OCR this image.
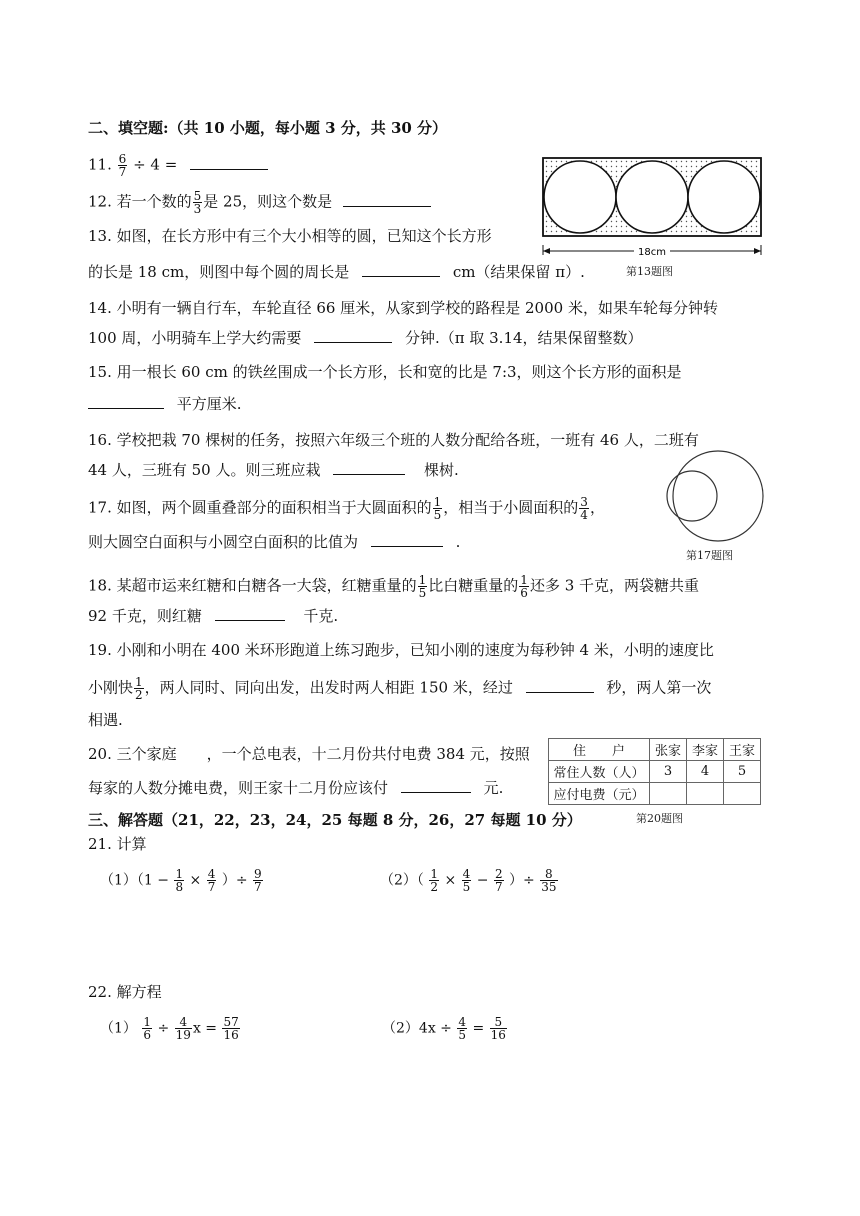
二、填空题:（共 10 小题，每小题 3 分，共 30 分）
11. $\frac{6}{7} \div 4$ =
12. 若一个数的 $\frac{5}{3}$ 是 25，则这个数是
18cm
第13题图
13. 如图，在长方形中有三个大小相等的圆，已知这个长方形
的长是 18 cm，则图中每个圆的周长是	cm（结果保留 π）.
14. 小明有一辆自行车，车轮直径 66 厘米，从家到学校的路程是 2000 米，如果车轮每分钟转
100 周，小明骑车上学大约需要	分钟.（π 取 3.14，结果保留整数）
15. 用一根长 60 cm 的铁丝围成一个长方形，长和宽的比是 7:3，则这个长方形的面积是
平方厘米.
16. 学校把栽 70 棵树的任务，按照六年级三个班的人数分配给各班，一班有 46 人，二班有
44 人，三班有 50 人。则三班应栽	棵树.
第17题图
17. 如图，两个圆重叠部分的面积相当于大圆面积的 $\frac{1}{5}$ ，相当于小圆面积的 $\frac{3}{4}$ ，
则大圆空白面积与小圆空白面积的比值为	.
18. 某超市运来红糖和白糖各一大袋，红糖重量的 $\frac{1}{5}$ 比白糖重量的 $\frac{1}{6}$ 还多 3 千克，两袋糖共重
92 千克，则红糖	千克.
19. 小刚和小明在 400 米环形跑道上练习跑步，已知小刚的速度为每秒钟 4 米，小明的速度比
小刚快 $\frac{1}{2}$ ，两人同时、同向出发，出发时两人相距 150 米，经过	秒，两人第一次
相遇.
住　　户	张家	李家	王家
常住人数（人）	3	4	5
应付电费（元）			
第20题图
20. 三个家庭　　，一个总电表，十二月份共付电费 384 元，按照
每家的人数分摊电费，则王家十二月份应该付	元.
三、解答题（21，22，23，24，25 每题 8 分，26，27 每题 10 分）
21. 计算
$(1)(1 - \frac{1}{8} \times \frac{4}{7}$ ）÷ $\frac{9}{7}$	$(2)( \frac{1}{2} \times \frac{4}{5} - \frac{2}{7}$ ）÷ $\frac{8}{35}$
22. 解方程
$(1) \frac{1}{6} \div \frac{4}{19}$ $x = \frac{57}{16}$	$(2)4x \div \frac{4}{5} = \frac{5}{16}$
